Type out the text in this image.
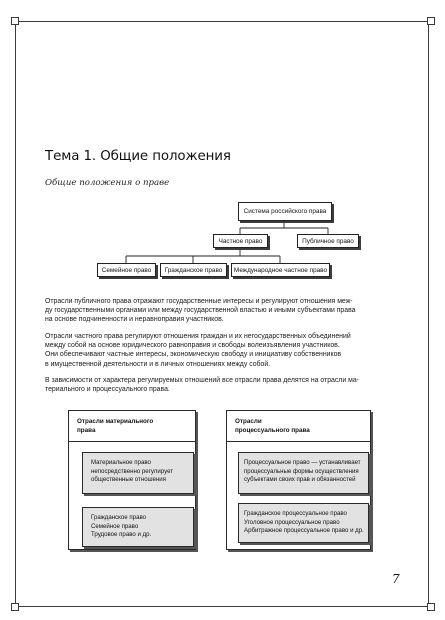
Тема 1. Общие положения
Общие положения о праве
Система российского права
Частное право	Публичное право
Семейное право Гражданское право Международное частное право
Отрасли публичного права отражают государственные интересы и регулируют отношения меж-
ду государственными органами или между государственной властью и иными субъектами права
на основе подчиненности и неравноправия участников.
Отрасли частного права регулируют отношения граждан и их негосударственных объединений
между собой на основе юридического равноправия и свободы волеизъявления участников.
Они обеспечивают частные интересы, экономическую свободу и инициативу собственников
в имущественной деятельности и в личных отношениях между собой.
В зависимости от характера регулируемых отношений все отрасли права делятся на отрасли ма-
териального и процессуального права.
Отрасли материального
права
Материальное право
непосредственно регулирует
общественные отношения
Гражданское право
Семейное право
Трудовое право и др.
Отрасли
процессуального права
Процессуальное право — устанавливает
процессуальные формы осуществления
субъектами своих прав и обязанностей
Гражданское процессуальное право
Уголовное процессуальное право
Арбитражное процессуальное право и др.
7
